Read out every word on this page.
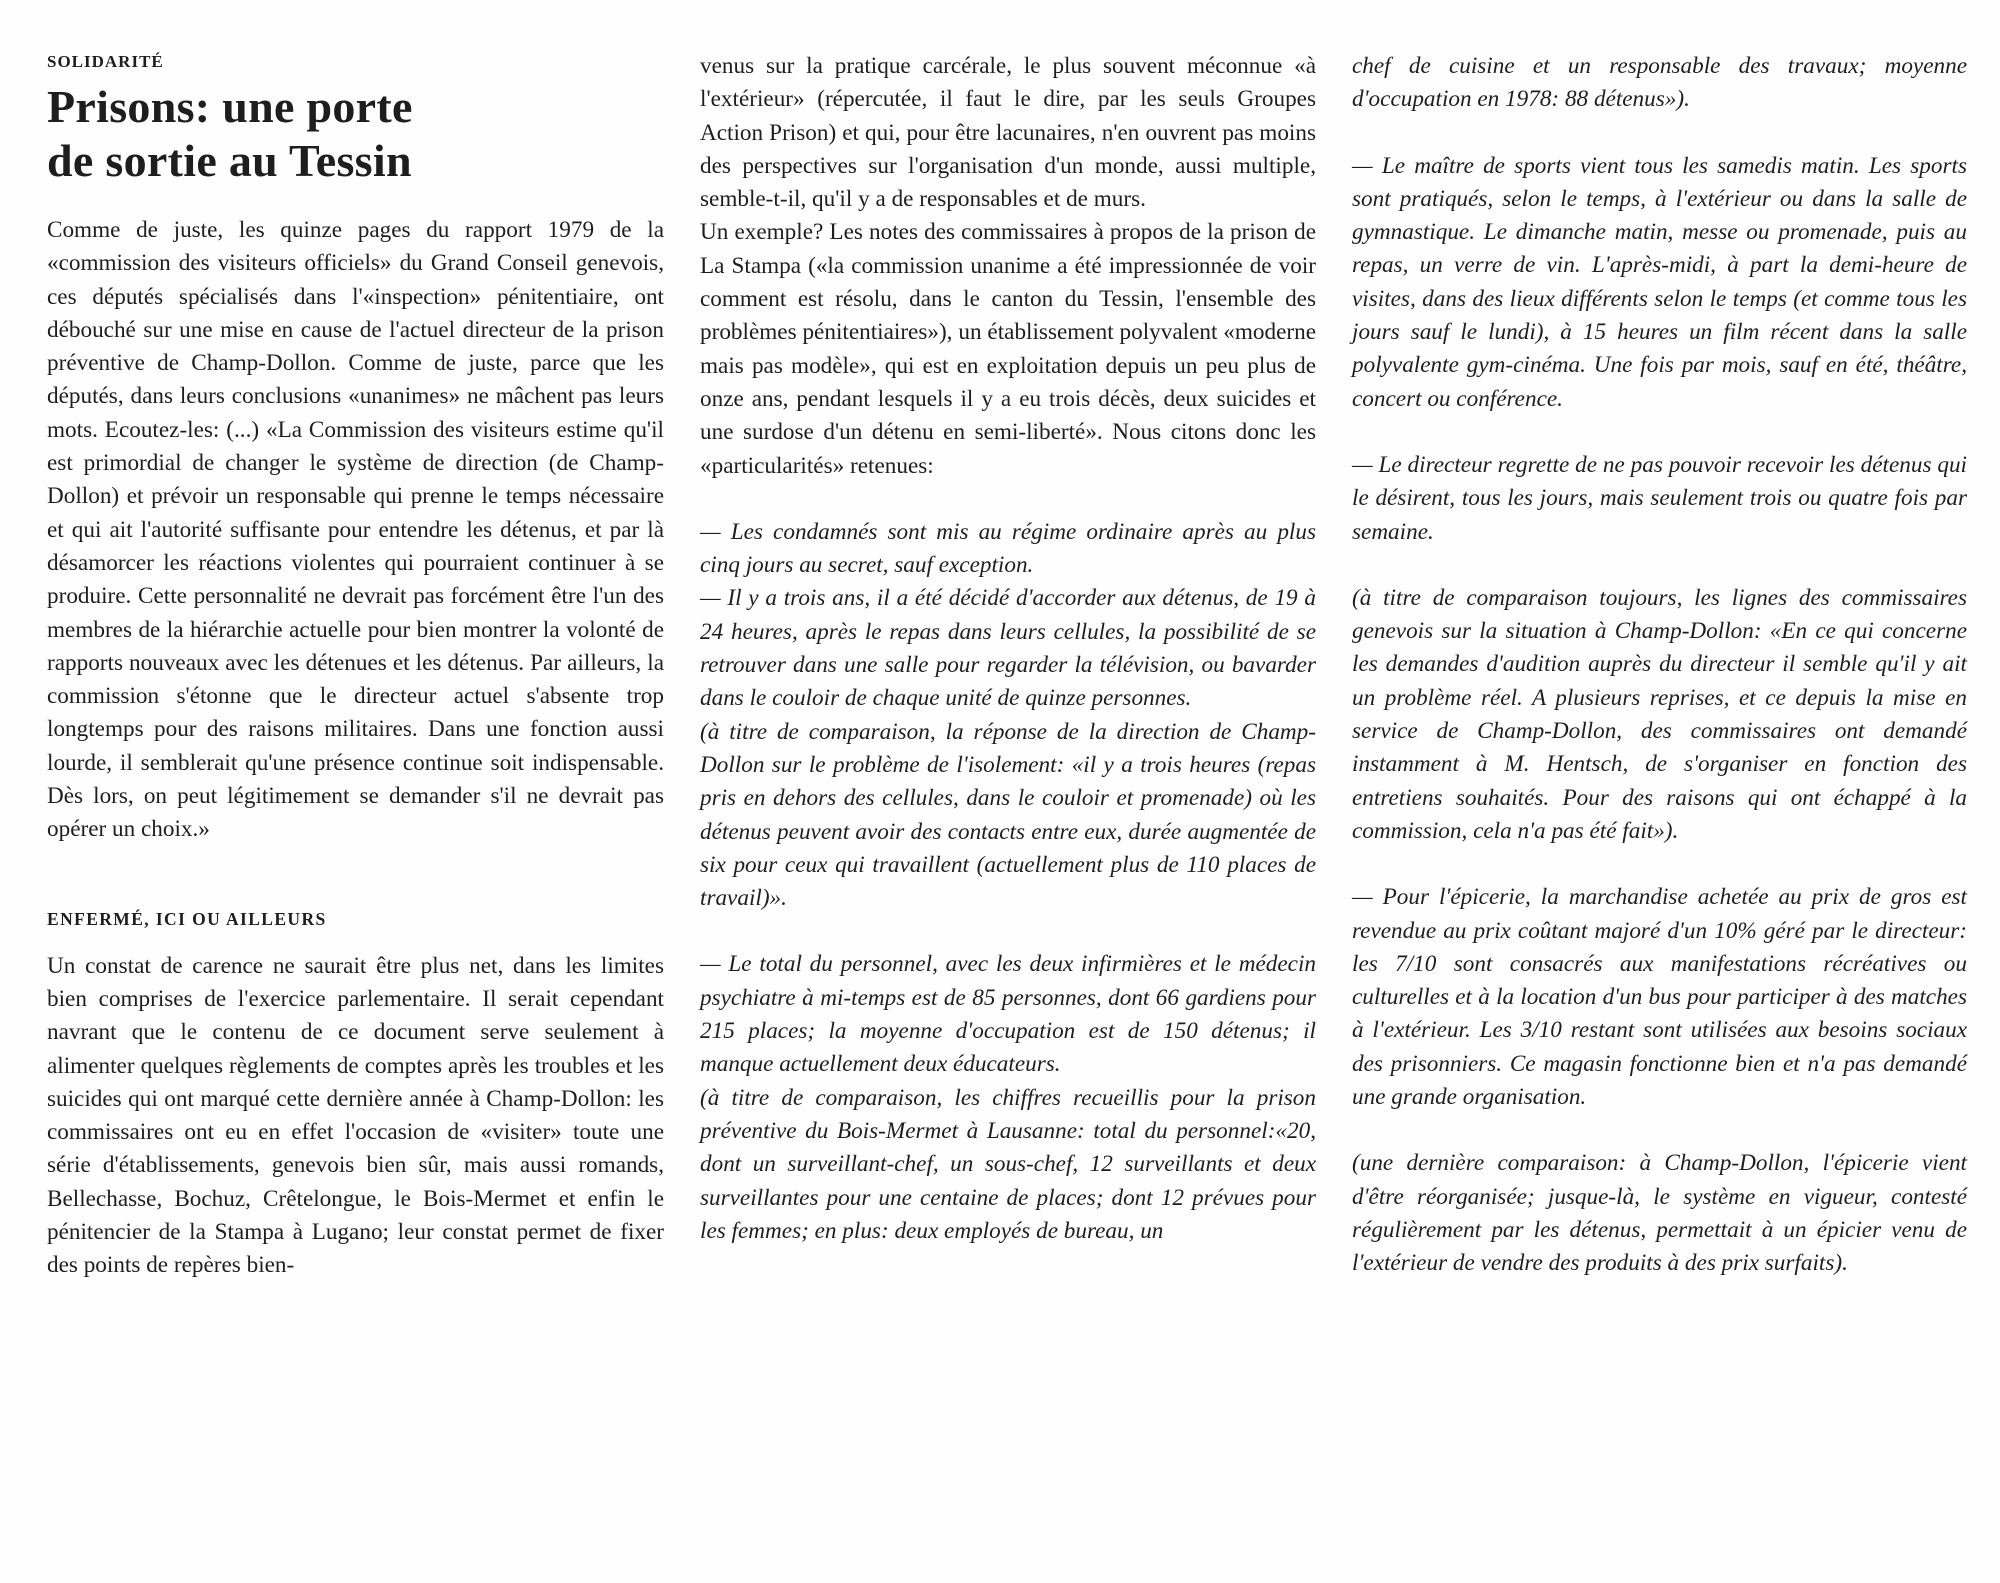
SOLIDARITÉ
Prisons: une porte
de sortie au Tessin

Comme de juste, les quinze pages du rapport 1979 de la «commission des visiteurs officiels» du Grand Conseil genevois, ces députés spécialisés dans l'«inspection» pénitentiaire, ont débouché sur une mise en cause de l'actuel directeur de la prison préventive de Champ-Dollon. Comme de juste, parce que les députés, dans leurs conclusions «unanimes» ne mâchent pas leurs mots. Ecoutez-les: (...) «La Commission des visiteurs estime qu'il est primordial de changer le système de direction (de Champ-Dollon) et prévoir un responsable qui prenne le temps nécessaire et qui ait l'autorité suffisante pour entendre les détenus, et par là désamorcer les réactions violentes qui pourraient continuer à se produire. Cette personnalité ne devrait pas forcément être l'un des membres de la hiérarchie actuelle pour bien montrer la volonté de rapports nouveaux avec les détenues et les détenus. Par ailleurs, la commission s'étonne que le directeur actuel s'absente trop longtemps pour des raisons militaires. Dans une fonction aussi lourde, il semblerait qu'une présence continue soit indispensable. Dès lors, on peut légitimement se demander s'il ne devrait pas opérer un choix.»

ENFERMÉ, ICI OU AILLEURS

Un constat de carence ne saurait être plus net, dans les limites bien comprises de l'exercice parlementaire. Il serait cependant navrant que le contenu de ce document serve seulement à alimenter quelques règlements de comptes après les troubles et les suicides qui ont marqué cette dernière année à Champ-Dollon: les commissaires ont eu en effet l'occasion de «visiter» toute une série d'établissements, genevois bien sûr, mais aussi romands, Bellechasse, Bochuz, Crêtelongue, le Bois-Mermet et enfin le pénitencier de la Stampa à Lugano; leur constat permet de fixer des points de repères bien-

venus sur la pratique carcérale, le plus souvent méconnue «à l'extérieur» (répercutée, il faut le dire, par les seuls Groupes Action Prison) et qui, pour être lacunaires, n'en ouvrent pas moins des perspectives sur l'organisation d'un monde, aussi multiple, semble-t-il, qu'il y a de responsables et de murs.

Un exemple? Les notes des commissaires à propos de la prison de La Stampa («la commission unanime a été impressionnée de voir comment est résolu, dans le canton du Tessin, l'ensemble des problèmes pénitentiaires»), un établissement polyvalent «moderne mais pas modèle», qui est en exploitation depuis un peu plus de onze ans, pendant lesquels il y a eu trois décès, deux suicides et une surdose d'un détenu en semi-liberté». Nous citons donc les «particularités» retenues:

— Les condamnés sont mis au régime ordinaire après au plus cinq jours au secret, sauf exception.

— Il y a trois ans, il a été décidé d'accorder aux détenus, de 19 à 24 heures, après le repas dans leurs cellules, la possibilité de se retrouver dans une salle pour regarder la télévision, ou bavarder dans le couloir de chaque unité de quinze personnes.

(à titre de comparaison, la réponse de la direction de Champ-Dollon sur le problème de l'isolement: «il y a trois heures (repas pris en dehors des cellules, dans le couloir et promenade) où les détenus peuvent avoir des contacts entre eux, durée augmentée de six pour ceux qui travaillent (actuellement plus de 110 places de travail)».

— Le total du personnel, avec les deux infirmières et le médecin psychiatre à mi-temps est de 85 personnes, dont 66 gardiens pour 215 places; la moyenne d'occupation est de 150 détenus; il manque actuellement deux éducateurs.

(à titre de comparaison, les chiffres recueillis pour la prison préventive du Bois-Mermet à Lausanne: total du personnel:«20, dont un surveillant-chef, un sous-chef, 12 surveillants et deux surveillantes pour une centaine de places; dont 12 prévues pour les femmes; en plus: deux employés de bureau, un

chef de cuisine et un responsable des travaux; moyenne d'occupation en 1978: 88 détenus»).

— Le maître de sports vient tous les samedis matin. Les sports sont pratiqués, selon le temps, à l'extérieur ou dans la salle de gymnastique. Le dimanche matin, messe ou promenade, puis au repas, un verre de vin. L'après-midi, à part la demi-heure de visites, dans des lieux différents selon le temps (et comme tous les jours sauf le lundi), à 15 heures un film récent dans la salle polyvalente gym-cinéma. Une fois par mois, sauf en été, théâtre, concert ou conférence.

— Le directeur regrette de ne pas pouvoir recevoir les détenus qui le désirent, tous les jours, mais seulement trois ou quatre fois par semaine.

(à titre de comparaison toujours, les lignes des commissaires genevois sur la situation à Champ-Dollon: «En ce qui concerne les demandes d'audition auprès du directeur il semble qu'il y ait un problème réel. A plusieurs reprises, et ce depuis la mise en service de Champ-Dollon, des commissaires ont demandé instamment à M. Hentsch, de s'organiser en fonction des entretiens souhaités. Pour des raisons qui ont échappé à la commission, cela n'a pas été fait»).

— Pour l'épicerie, la marchandise achetée au prix de gros est revendue au prix coûtant majoré d'un 10% géré par le directeur: les 7/10 sont consacrés aux manifestations récréatives ou culturelles et à la location d'un bus pour participer à des matches à l'extérieur. Les 3/10 restant sont utilisées aux besoins sociaux des prisonniers. Ce magasin fonctionne bien et n'a pas demandé une grande organisation.

(une dernière comparaison: à Champ-Dollon, l'épicerie vient d'être réorganisée; jusque-là, le système en vigueur, contesté régulièrement par les détenus, permettait à un épicier venu de l'extérieur de vendre des produits à des prix surfaits).
